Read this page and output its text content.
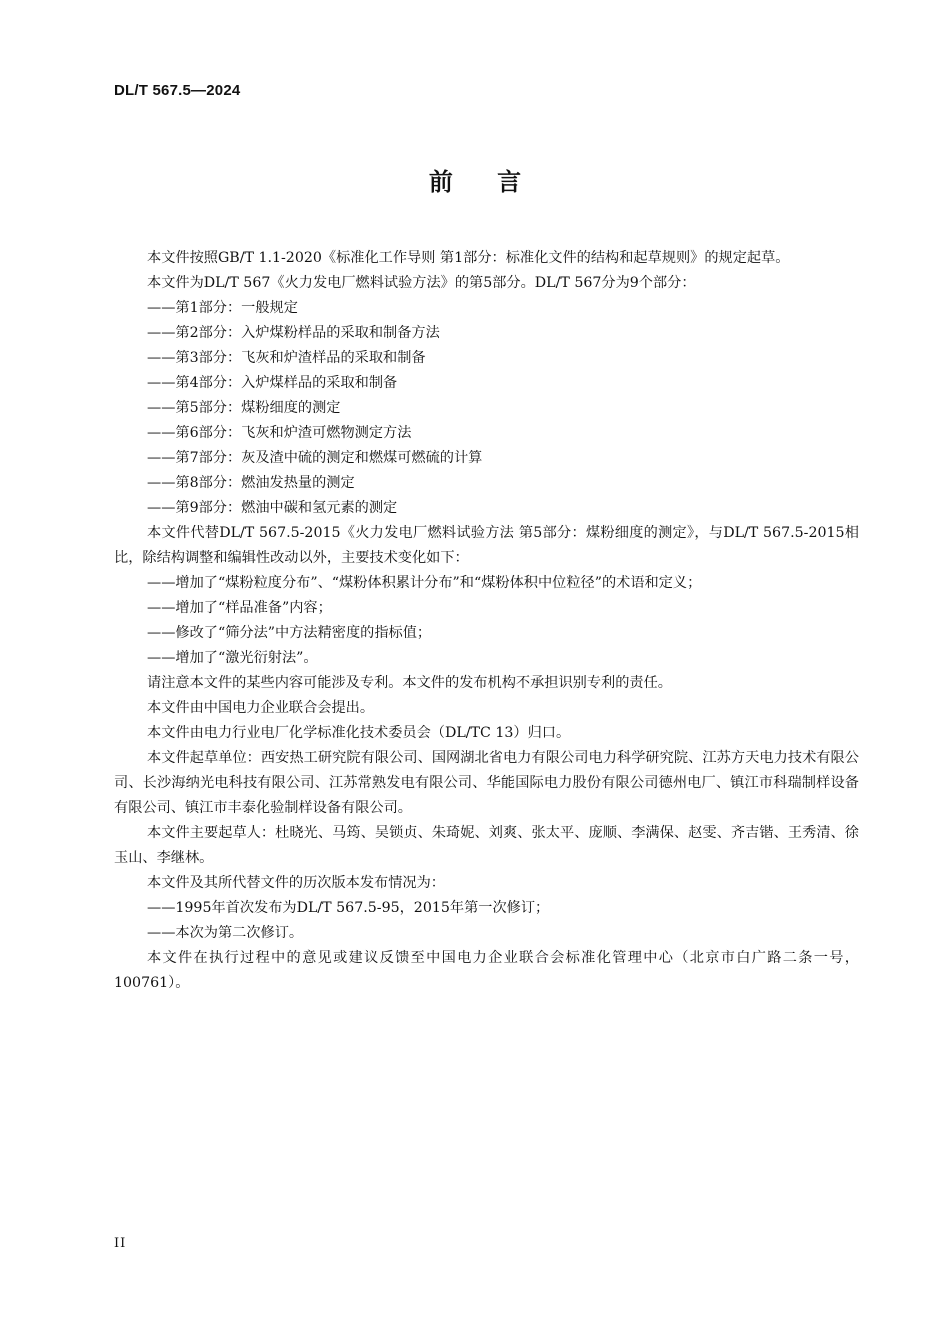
DL/T 567.5—2024
前 言

本文件按照GB/T 1.1-2020《标准化工作导则 第1部分：标准化文件的结构和起草规则》的规定起草。

本文件为DL/T 567《火力发电厂燃料试验方法》的第5部分。DL/T 567分为9个部分：

——第1部分：一般规定

——第2部分：入炉煤粉样品的采取和制备方法

——第3部分：飞灰和炉渣样品的采取和制备

——第4部分：入炉煤样品的采取和制备

——第5部分：煤粉细度的测定

——第6部分：飞灰和炉渣可燃物测定方法

——第7部分：灰及渣中硫的测定和燃煤可燃硫的计算

——第8部分：燃油发热量的测定

——第9部分：燃油中碳和氢元素的测定

本文件代替DL/T 567.5-2015《火力发电厂燃料试验方法 第5部分：煤粉细度的测定》，与DL/T 567.5-2015相比，除结构调整和编辑性改动以外，主要技术变化如下：

——增加了“煤粉粒度分布”、“煤粉体积累计分布”和“煤粉体积中位粒径”的术语和定义；

——增加了“样品准备”内容；

——修改了“筛分法”中方法精密度的指标值；

——增加了“激光衍射法”。

请注意本文件的某些内容可能涉及专利。本文件的发布机构不承担识别专利的责任。

本文件由中国电力企业联合会提出。

本文件由电力行业电厂化学标准化技术委员会（DL/TC 13）归口。

本文件起草单位：西安热工研究院有限公司、国网湖北省电力有限公司电力科学研究院、江苏方天电力技术有限公司、长沙海纳光电科技有限公司、江苏常熟发电有限公司、华能国际电力股份有限公司德州电厂、镇江市科瑞制样设备有限公司、镇江市丰泰化验制样设备有限公司。

本文件主要起草人：杜晓光、马筠、吴锁贞、朱琦妮、刘爽、张太平、庞顺、李满保、赵雯、齐吉锴、王秀清、徐玉山、李继林。

本文件及其所代替文件的历次版本发布情况为：

——1995年首次发布为DL/T 567.5-95，2015年第一次修订；

——本次为第二次修订。

本文件在执行过程中的意见或建议反馈至中国电力企业联合会标准化管理中心（北京市白广路二条一号，100761）。

II
